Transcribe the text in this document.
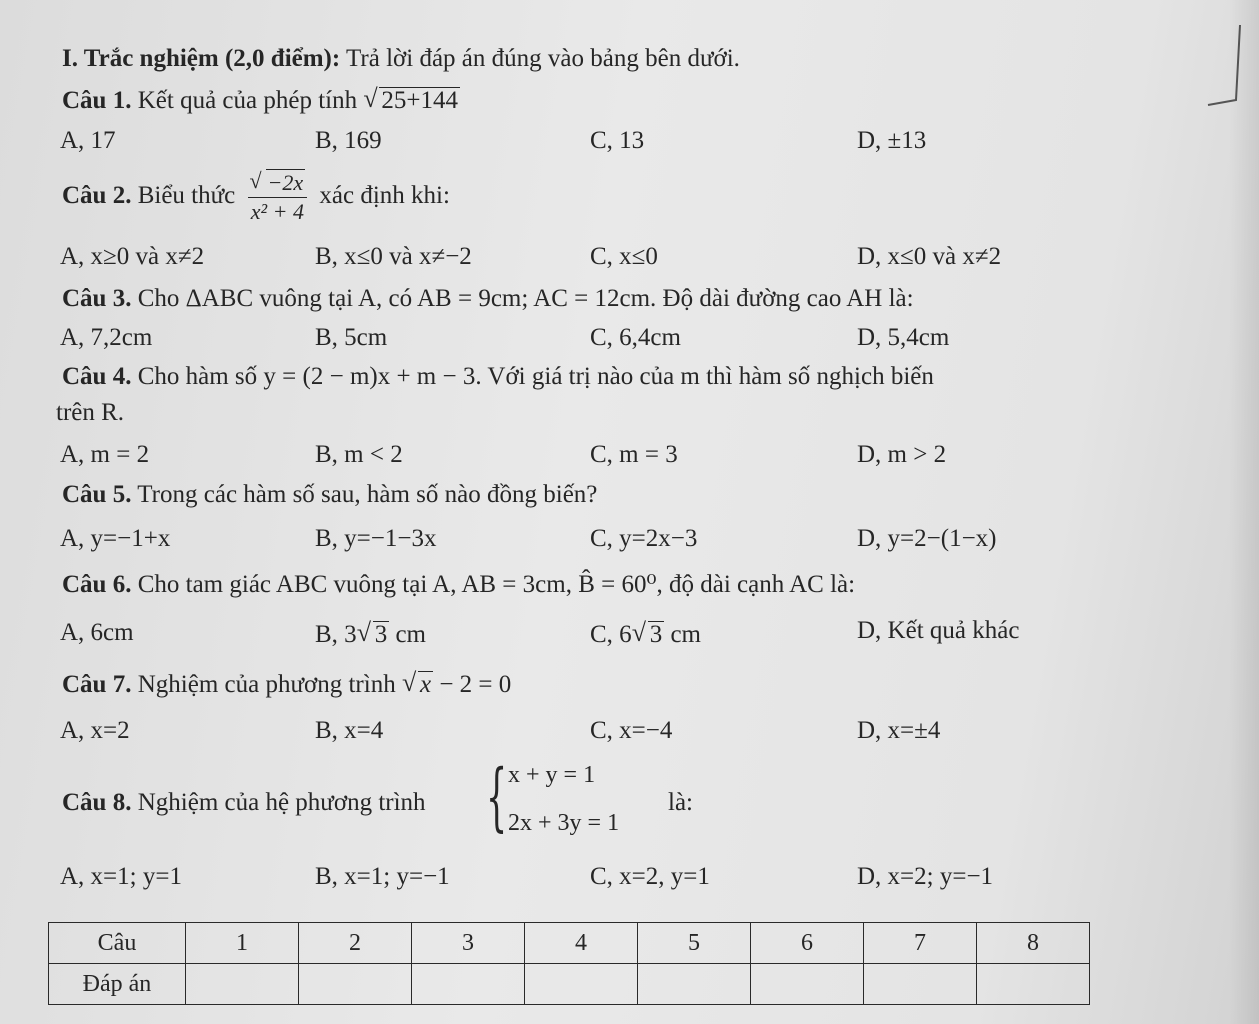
I. Trắc nghiệm (2,0 điểm): Trả lời đáp án đúng vào bảng bên dưới.
Câu 1. Kết quả của phép tính √ 25+144
A, 17	B, 169	C, 13	D, ±13
Câu 2. Biểu thức $\frac{√ -2x}{\text{x² + 4}}$ xác định khi:
A, x≥0 và x≠2	B, x≤0 và x≠−2	C, x≤0	D, x≤0 và x≠2
Câu 3. Cho ΔABC vuông tại A, có AB = 9cm; AC = 12cm. Độ dài đường cao AH là:
A, 7,2cm	B, 5cm	C, 6,4cm	D, 5,4cm
Câu 4. Cho hàm số y = (2 − m)x + m − 3. Với giá trị nào của m thì hàm số nghịch biến
trên R.
A, m = 2	B, m < 2	C, m = 3	D, m > 2
Câu 5. Trong các hàm số sau, hàm số nào đồng biến?
A, y=−1+x	B, y=−1−3x	C, y=2x−3	D, y=2−(1−x)
Câu 6. Cho tam giác ABC vuông tại A, AB = 3cm, B̂ = 60⁰, độ dài cạnh AC là:
A, 6cm	B, 3 √ 3 cm	C, 6 √ 3 cm	D, Kết quả khác
Câu 7. Nghiệm của phương trình √ x − 2 = 0
A, x=2	B, x=4	C, x=−4	D, x=±4
Câu 8. Nghiệm của hệ phương trình { x + y = 1
2x + 3y = 1
là:
A, x=1; y=1	B, x=1; y=−1	C, x=2, y=1	D, x=2; y=−1
Câu	1	2	3	4	5	6	7	8
Đáp án								
